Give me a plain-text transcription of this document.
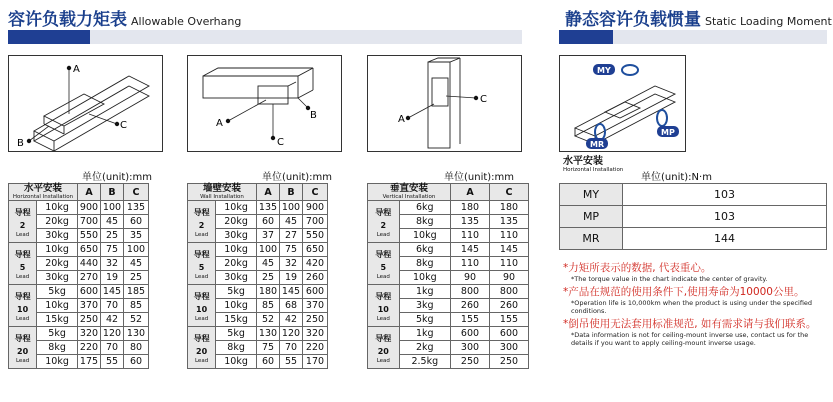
容许负载力矩表 Allowable Overhang	静态容许负载惯量 Static Loading Moment
A
C
B
A
C
B	A
C
MY
MP
MR
单位(unit):mm	单位(unit):mm	单位(unit):mm	单位(unit):N·m
水平安装
Horizontal Installation		A	B	C
导程
2
Lead	10kg	900	100	135
	20kg	700	45	60
	30kg	550	25	35
导程
5
Lead	10kg	650	75	100
	20kg	440	32	45
	30kg	270	19	25
导程
10
Lead	5kg	600	145	185
	10kg	370	70	85
	15kg	250	42	52
导程
20
Lead	5kg	320	120	130
	8kg	220	70	80
	10kg	175	55	60
墙壁安装
Wall Installation		A	B	C
导程
2
Lead	10kg	135	100	900
	20kg	60	45	700
	30kg	37	27	550
导程
5
Lead	10kg	100	75	650
	20kg	45	32	420
	30kg	25	19	260
导程
10
Lead	5kg	180	145	600
	10kg	85	68	370
	15kg	52	42	250
导程
20
Lead	5kg	130	120	320
	8kg	75	70	220
	10kg	60	55	170
垂直安装
Vertical Installation		A	C
导程
2
Lead	6kg	180	180
	8kg	135	135
	10kg	110	110
导程
5
Lead	6kg	145	145
	8kg	110	110
	10kg	90	90
导程
10
Lead	1kg	800	800
	3kg	260	260
	5kg	155	155
导程
20
Lead	1kg	600	600
	2kg	300	300
	2.5kg	250	250
水平安装
Horizontal Installation
MY	103
MP	103
MR	144
*力矩所表示的数据, 代表重心。
*The torque value in the chart indicate the center of gravity.
*产品在规范的使用条件下,使用寿命为10000公里。
*Operation life is 10,000km when the product is using under the specified conditions.
*倒吊使用无法套用标准规范, 如有需求请与我们联系。
*Data information is not for ceiling-mount inverse use, contact us for the details if you want to apply ceiling-mount inverse usage.
